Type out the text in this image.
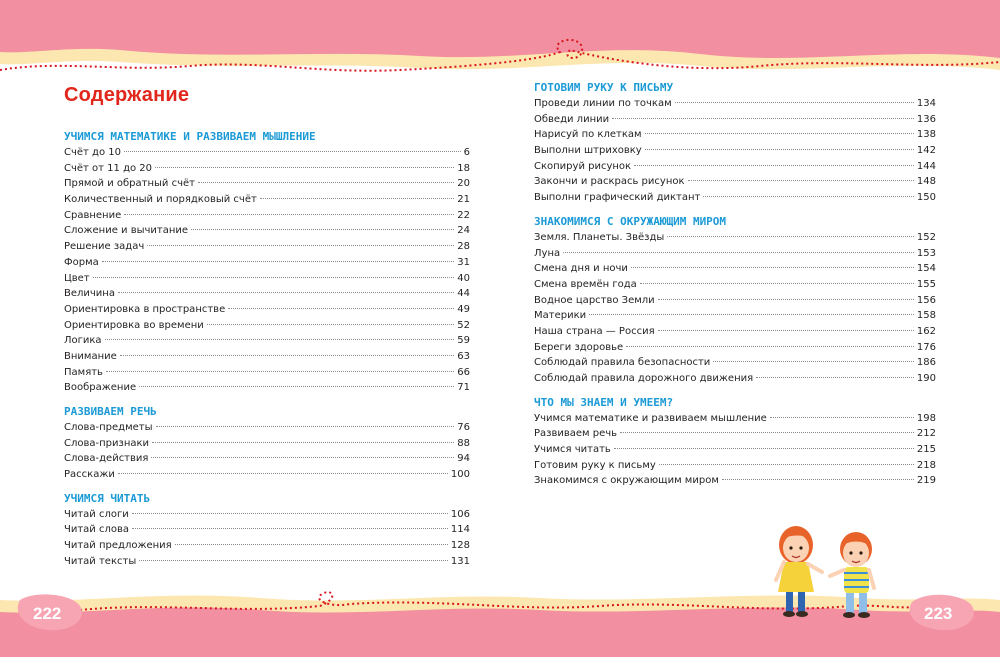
222	223
Содержание
УЧИМСЯ МАТЕМАТИКЕ И РАЗВИВАЕМ МЫШЛЕНИЕ
Счёт до 10	6
Счёт от 11 до 20	18
Прямой и обратный счёт	20
Количественный и порядковый счёт	21
Сравнение	22
Сложение и вычитание	24
Решение задач	28
Форма	31
Цвет	40
Величина	44
Ориентировка в пространстве	49
Ориентировка во времени	52
Логика	59
Внимание	63
Память	66
Воображение	71
РАЗВИВАЕМ РЕЧЬ
Слова-предметы	76
Слова-признаки	88
Слова-действия	94
Расскажи	100
УЧИМСЯ ЧИТАТЬ
Читай слоги	106
Читай слова	114
Читай предложения	128
Читай тексты	131
ГОТОВИМ РУКУ К ПИСЬМУ
Проведи линии по точкам	134
Обведи линии	136
Нарисуй по клеткам	138
Выполни штриховку	142
Скопируй рисунок	144
Закончи и раскрась рисунок	148
Выполни графический диктант	150
ЗНАКОМИМСЯ С ОКРУЖАЮЩИМ МИРОМ
Земля. Планеты. Звёзды	152
Луна	153
Смена дня и ночи	154
Смена времён года	155
Водное царство Земли	156
Материки	158
Наша страна — Россия	162
Береги здоровье	176
Соблюдай правила безопасности	186
Соблюдай правила дорожного движения	190
ЧТО МЫ ЗНАЕМ И УМЕЕМ?
Учимся математике и развиваем мышление	198
Развиваем речь	212
Учимся читать	215
Готовим руку к письму	218
Знакомимся с окружающим миром	219
